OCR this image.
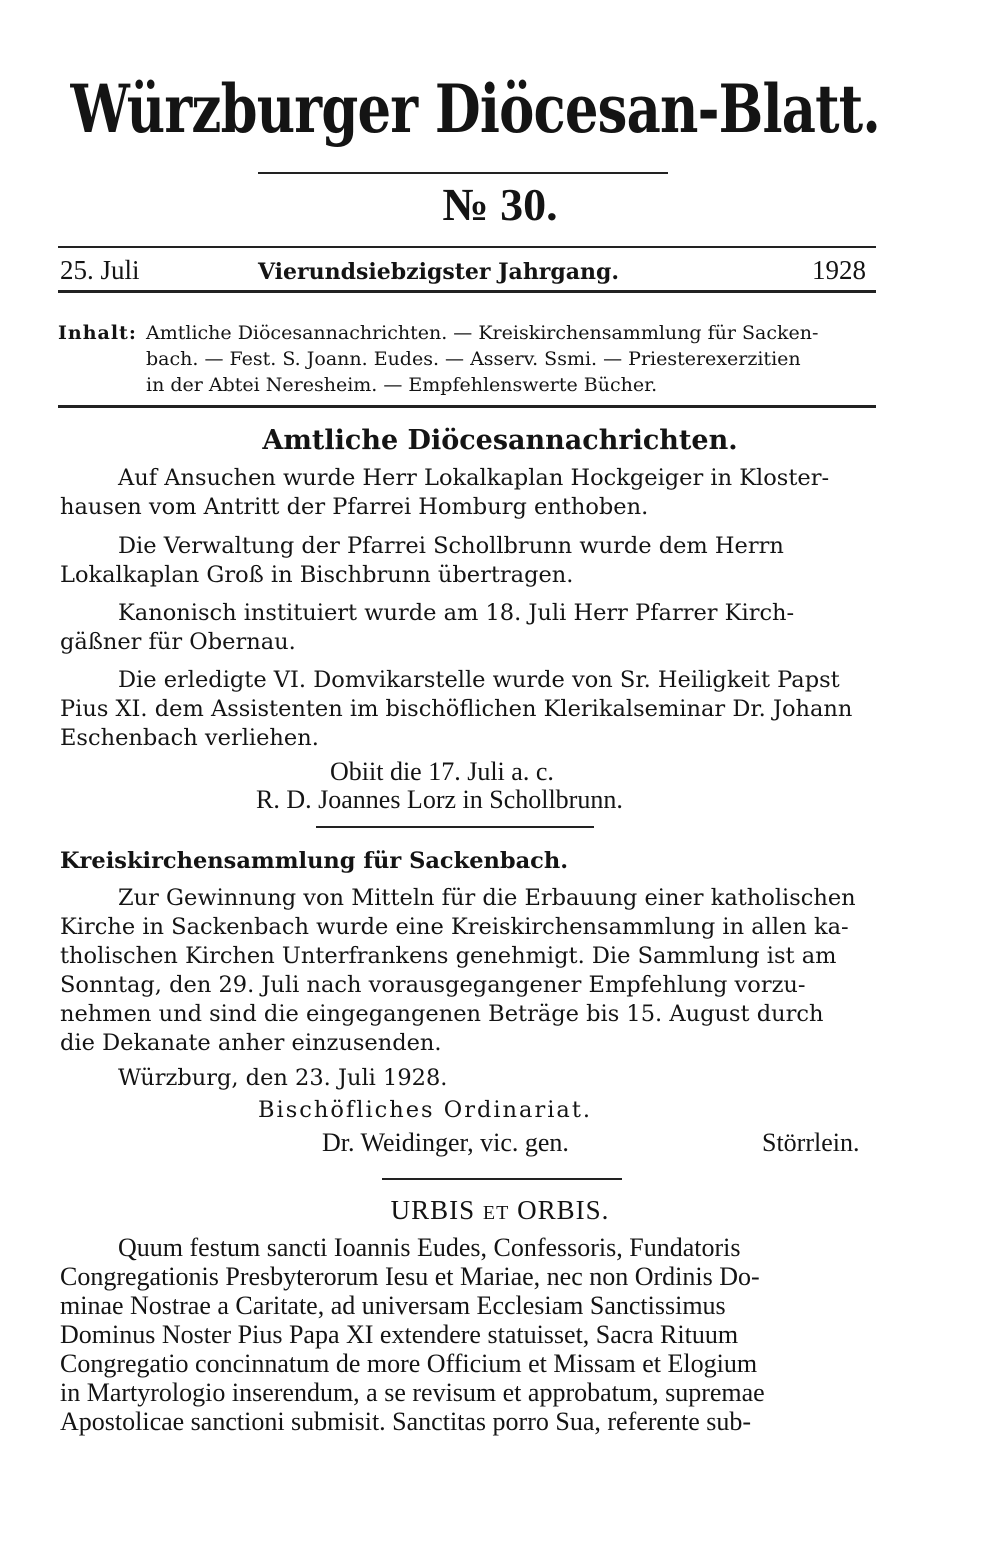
Würzburger Diöcesan-Blatt.
№ 30.
25. Juli	Vierundsiebzigster Jahrgang.	1928
Inhalt: Amtliche Diöcesannachrichten. — Kreiskirchensammlung für Sacken-
bach. — Fest. S. Joann. Eudes. — Asserv. Ssmi. — Priesterexerzitien
in der Abtei Neresheim. — Empfehlenswerte Bücher.
Amtliche Diöcesannachrichten.
Auf Ansuchen wurde Herr Lokalkaplan Hockgeiger in Kloster-
hausen vom Antritt der Pfarrei Homburg enthoben.
Die Verwaltung der Pfarrei Schollbrunn wurde dem Herrn
Lokalkaplan Groß in Bischbrunn übertragen.
Kanonisch instituiert wurde am 18. Juli Herr Pfarrer Kirch-
gäßner für Obernau.
Die erledigte VI. Domvikarstelle wurde von Sr. Heiligkeit Papst
Pius XI. dem Assistenten im bischöflichen Klerikalseminar Dr. Johann
Eschenbach verliehen.
Obiit die 17. Juli a. c.
R. D. Joannes Lorz in Schollbrunn.
Kreiskirchensammlung für Sackenbach.
Zur Gewinnung von Mitteln für die Erbauung einer katholischen
Kirche in Sackenbach wurde eine Kreiskirchensammlung in allen ka-
tholischen Kirchen Unterfrankens genehmigt. Die Sammlung ist am
Sonntag, den 29. Juli nach vorausgegangener Empfehlung vorzu-
nehmen und sind die eingegangenen Beträge bis 15. August durch
die Dekanate anher einzusenden.
Würzburg, den 23. Juli 1928.
Bischöfliches Ordinariat.
Dr. Weidinger, vic. gen.	Störrlein.
URBIS ET ORBIS.
Quum festum sancti Ioannis Eudes, Confessoris, Fundatoris
Congregationis Presbyterorum Iesu et Mariae, nec non Ordinis Do-
minae Nostrae a Caritate, ad universam Ecclesiam Sanctissimus
Dominus Noster Pius Papa XI extendere statuisset, Sacra Rituum
Congregatio concinnatum de more Officium et Missam et Elogium
in Martyrologio inserendum, a se revisum et approbatum, supremae
Apostolicae sanctioni submisit. Sanctitas porro Sua, referente sub-
